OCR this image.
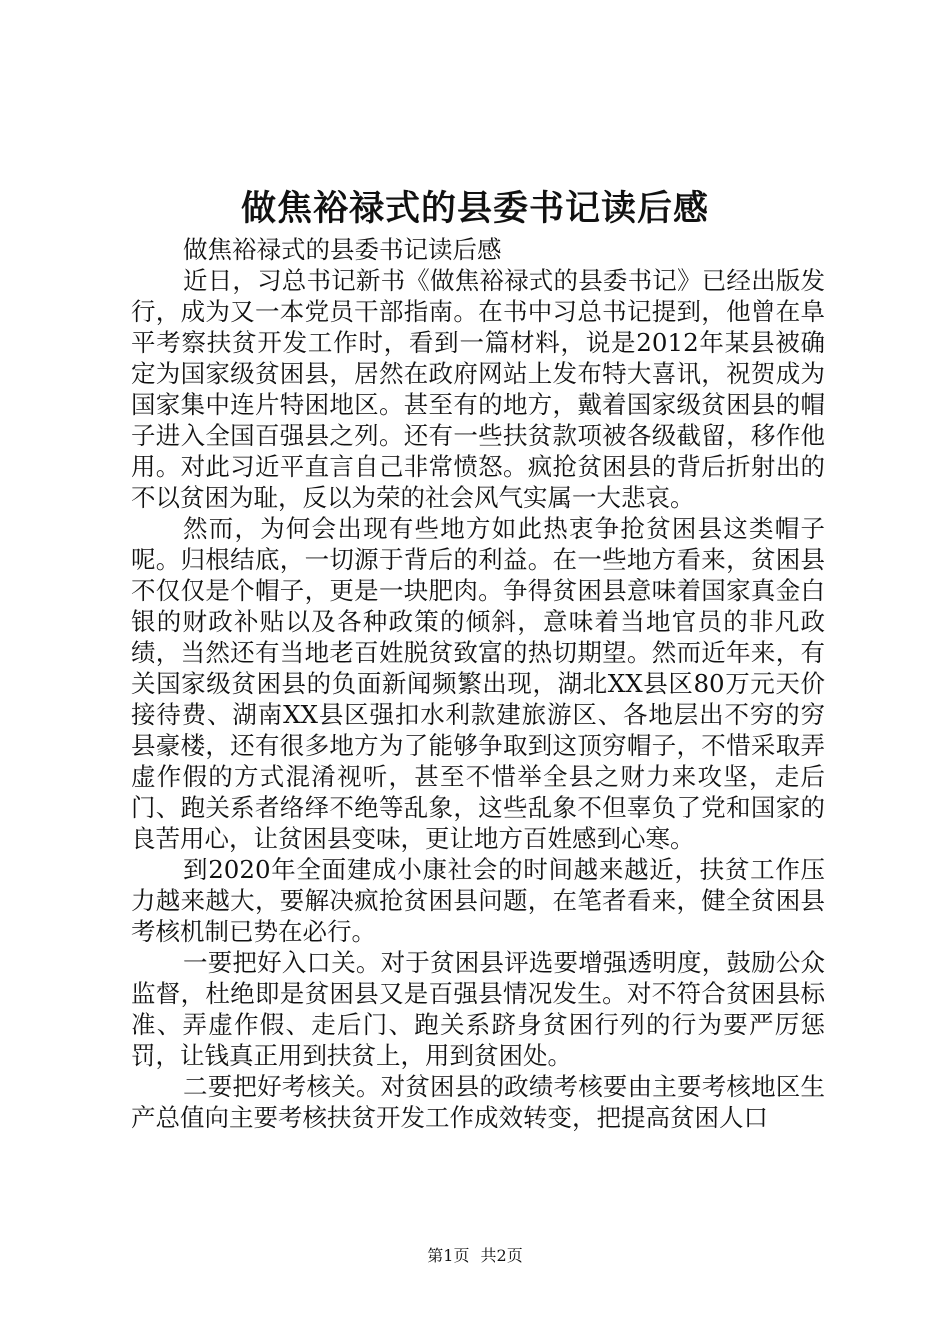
做焦裕禄式的县委书记读后感

做焦裕禄式的县委书记读后感

近日，习总书记新书《做焦裕禄式的县委书记》已经出版发行，成为又一本党员干部指南。在书中习总书记提到，他曾在阜平考察扶贫开发工作时，看到一篇材料，说是2012年某县被确定为国家级贫困县，居然在政府网站上发布特大喜讯，祝贺成为国家集中连片特困地区。甚至有的地方，戴着国家级贫困县的帽子进入全国百强县之列。还有一些扶贫款项被各级截留，移作他用。对此习近平直言自己非常愤怒。疯抢贫困县的背后折射出的不以贫困为耻，反以为荣的社会风气实属一大悲哀。

然而，为何会出现有些地方如此热衷争抢贫困县这类帽子呢。归根结底，一切源于背后的利益。在一些地方看来，贫困县不仅仅是个帽子，更是一块肥肉。争得贫困县意味着国家真金白银的财政补贴以及各种政策的倾斜，意味着当地官员的非凡政绩，当然还有当地老百姓脱贫致富的热切期望。然而近年来，有关国家级贫困县的负面新闻频繁出现，湖北XX县区80万元天价接待费、湖南XX县区强扣水利款建旅游区、各地层出不穷的穷县豪楼，还有很多地方为了能够争取到这顶穷帽子，不惜采取弄虚作假的方式混淆视听，甚至不惜举全县之财力来攻坚，走后门、跑关系者络绎不绝等乱象，这些乱象不但辜负了党和国家的良苦用心，让贫困县变味，更让地方百姓感到心寒。

到2020年全面建成小康社会的时间越来越近，扶贫工作压力越来越大，要解决疯抢贫困县问题，在笔者看来，健全贫困县考核机制已势在必行。

一要把好入口关。对于贫困县评选要增强透明度，鼓励公众监督，杜绝即是贫困县又是百强县情况发生。对不符合贫困县标准、弄虚作假、走后门、跑关系跻身贫困行列的行为要严厉惩罚，让钱真正用到扶贫上，用到贫困处。

二要把好考核关。对贫困县的政绩考核要由主要考核地区生产总值向主要考核扶贫开发工作成效转变，把提高贫困人口

第1页 共2页
